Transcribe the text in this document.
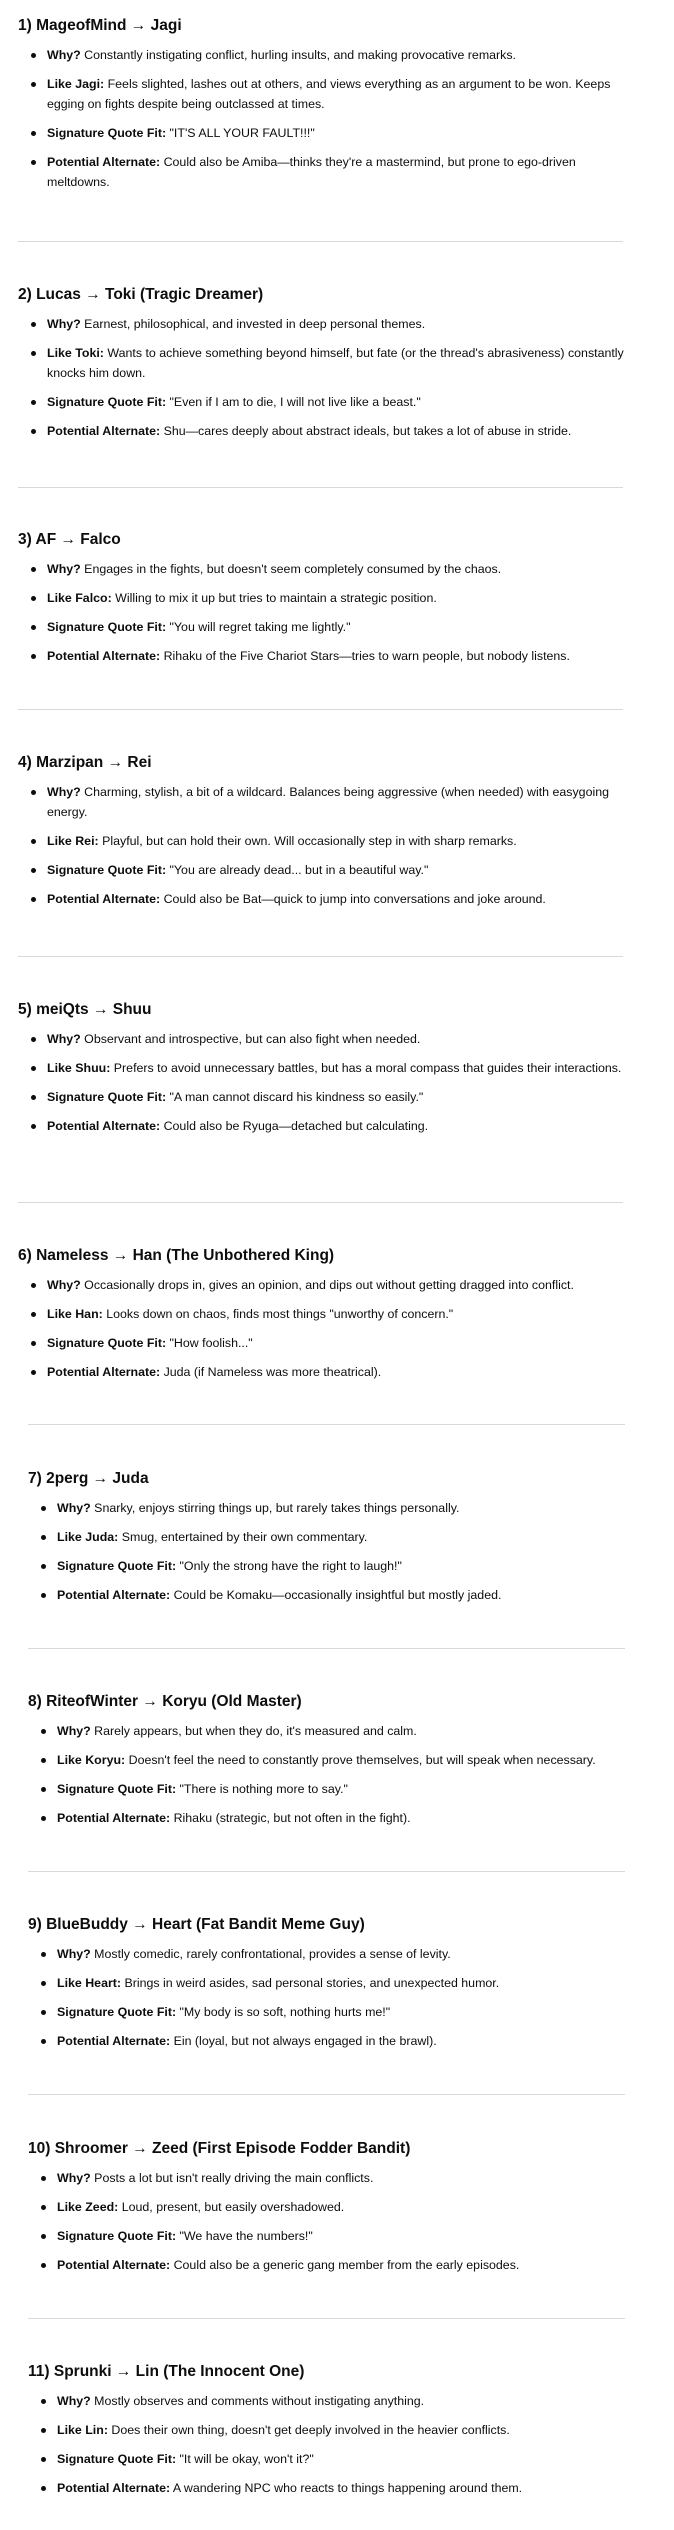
1) MageofMind → Jagi
Why? Constantly instigating conflict, hurling insults, and making provocative remarks.
Like Jagi: Feels slighted, lashes out at others, and views everything as an argument to be won. Keeps egging on fights despite being outclassed at times.
Signature Quote Fit: "IT'S ALL YOUR FAULT!!!"
Potential Alternate: Could also be Amiba—thinks they're a mastermind, but prone to ego-driven meltdowns.
2) Lucas → Toki (Tragic Dreamer)
Why? Earnest, philosophical, and invested in deep personal themes.
Like Toki: Wants to achieve something beyond himself, but fate (or the thread's abrasiveness) constantly knocks him down.
Signature Quote Fit: "Even if I am to die, I will not live like a beast."
Potential Alternate: Shu—cares deeply about abstract ideals, but takes a lot of abuse in stride.
3) AF → Falco
Why? Engages in the fights, but doesn't seem completely consumed by the chaos.
Like Falco: Willing to mix it up but tries to maintain a strategic position.
Signature Quote Fit: "You will regret taking me lightly."
Potential Alternate: Rihaku of the Five Chariot Stars—tries to warn people, but nobody listens.
4) Marzipan → Rei
Why? Charming, stylish, a bit of a wildcard. Balances being aggressive (when needed) with easygoing energy.
Like Rei: Playful, but can hold their own. Will occasionally step in with sharp remarks.
Signature Quote Fit: "You are already dead... but in a beautiful way."
Potential Alternate: Could also be Bat—quick to jump into conversations and joke around.
5) meiQts → Shuu
Why? Observant and introspective, but can also fight when needed.
Like Shuu: Prefers to avoid unnecessary battles, but has a moral compass that guides their interactions.
Signature Quote Fit: "A man cannot discard his kindness so easily."
Potential Alternate: Could also be Ryuga—detached but calculating.
6) Nameless → Han (The Unbothered King)
Why? Occasionally drops in, gives an opinion, and dips out without getting dragged into conflict.
Like Han: Looks down on chaos, finds most things "unworthy of concern."
Signature Quote Fit: "How foolish..."
Potential Alternate: Juda (if Nameless was more theatrical).
7) 2perg → Juda
Why? Snarky, enjoys stirring things up, but rarely takes things personally.
Like Juda: Smug, entertained by their own commentary.
Signature Quote Fit: "Only the strong have the right to laugh!"
Potential Alternate: Could be Komaku—occasionally insightful but mostly jaded.
8) RiteofWinter → Koryu (Old Master)
Why? Rarely appears, but when they do, it's measured and calm.
Like Koryu: Doesn't feel the need to constantly prove themselves, but will speak when necessary.
Signature Quote Fit: "There is nothing more to say."
Potential Alternate: Rihaku (strategic, but not often in the fight).
9) BlueBuddy → Heart (Fat Bandit Meme Guy)
Why? Mostly comedic, rarely confrontational, provides a sense of levity.
Like Heart: Brings in weird asides, sad personal stories, and unexpected humor.
Signature Quote Fit: "My body is so soft, nothing hurts me!"
Potential Alternate: Ein (loyal, but not always engaged in the brawl).
10) Shroomer → Zeed (First Episode Fodder Bandit)
Why? Posts a lot but isn't really driving the main conflicts.
Like Zeed: Loud, present, but easily overshadowed.
Signature Quote Fit: "We have the numbers!"
Potential Alternate: Could also be a generic gang member from the early episodes.
11) Sprunki → Lin (The Innocent One)
Why? Mostly observes and comments without instigating anything.
Like Lin: Does their own thing, doesn't get deeply involved in the heavier conflicts.
Signature Quote Fit: "It will be okay, won't it?"
Potential Alternate: A wandering NPC who reacts to things happening around them.
